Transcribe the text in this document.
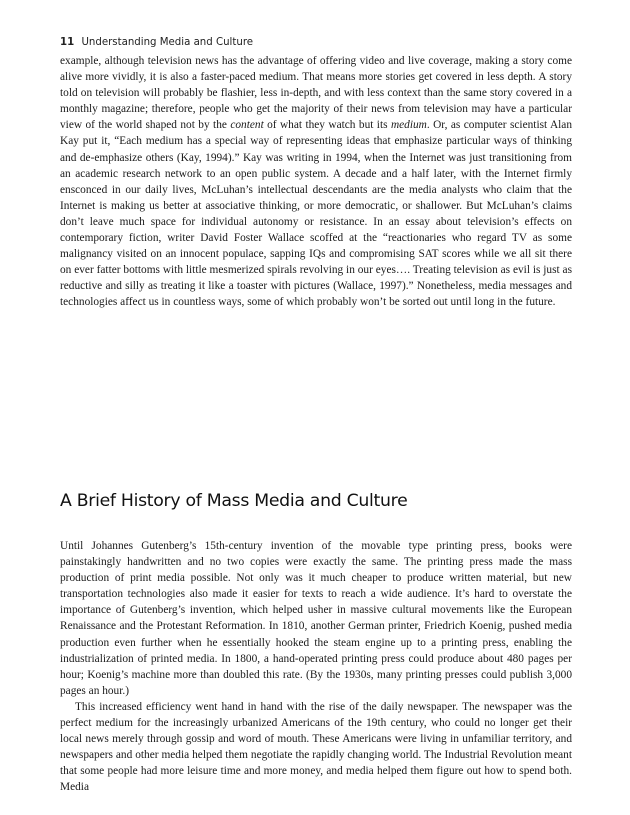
11 Understanding Media and Culture

example, although television news has the advantage of offering video and live coverage, making a story come alive more vividly, it is also a faster-paced medium. That means more stories get covered in less depth. A story told on television will probably be flashier, less in-depth, and with less context than the same story covered in a monthly magazine; therefore, people who get the majority of their news from television may have a particular view of the world shaped not by the content of what they watch but its medium. Or, as computer scientist Alan Kay put it, “Each medium has a special way of representing ideas that emphasize particular ways of thinking and de-emphasize others (Kay, 1994).” Kay was writing in 1994, when the Internet was just transitioning from an academic research network to an open public system. A decade and a half later, with the Internet firmly ensconced in our daily lives, McLuhan’s intellectual descendants are the media analysts who claim that the Internet is making us better at associative thinking, or more democratic, or shallower. But McLuhan’s claims don’t leave much space for individual autonomy or resistance. In an essay about television’s effects on contemporary fiction, writer David Foster Wallace scoffed at the “reactionaries who regard TV as some malignancy visited on an innocent populace, sapping IQs and compromising SAT scores while we all sit there on ever fatter bottoms with little mesmerized spirals revolving in our eyes…. Treating television as evil is just as reductive and silly as treating it like a toaster with pictures (Wallace, 1997).” Nonetheless, media messages and technologies affect us in countless ways, some of which probably won’t be sorted out until long in the future.

A Brief History of Mass Media and Culture

Until Johannes Gutenberg’s 15th-century invention of the movable type printing press, books were painstakingly handwritten and no two copies were exactly the same. The printing press made the mass production of print media possible. Not only was it much cheaper to produce written material, but new transportation technologies also made it easier for texts to reach a wide audience. It’s hard to overstate the importance of Gutenberg’s invention, which helped usher in massive cultural movements like the European Renaissance and the Protestant Reformation. In 1810, another German printer, Friedrich Koenig, pushed media production even further when he essentially hooked the steam engine up to a printing press, enabling the industrialization of printed media. In 1800, a hand-operated printing press could produce about 480 pages per hour; Koenig’s machine more than doubled this rate. (By the 1930s, many printing presses could publish 3,000 pages an hour.)

This increased efficiency went hand in hand with the rise of the daily newspaper. The newspaper was the perfect medium for the increasingly urbanized Americans of the 19th century, who could no longer get their local news merely through gossip and word of mouth. These Americans were living in unfamiliar territory, and newspapers and other media helped them negotiate the rapidly changing world. The Industrial Revolution meant that some people had more leisure time and more money, and media helped them figure out how to spend both. Media
